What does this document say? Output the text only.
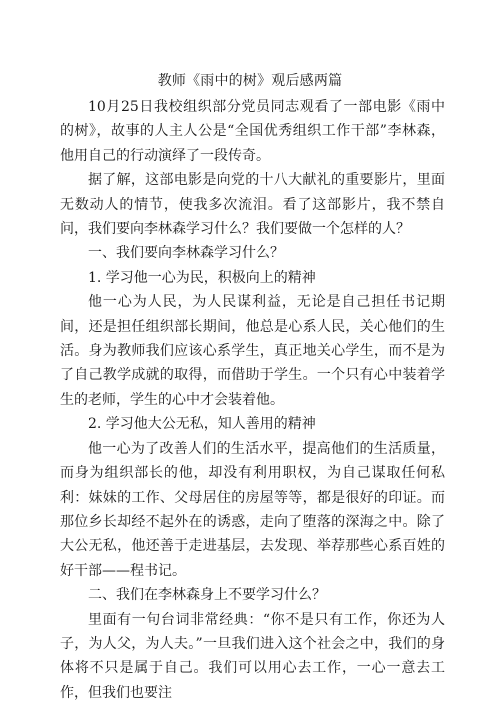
教师《雨中的树》观后感两篇

10月25日我校组织部分党员同志观看了一部电影《雨中的树》，故事的人主人公是“全国优秀组织工作干部”李林森，他用自己的行动演绎了一段传奇。

据了解，这部电影是向党的十八大献礼的重要影片，里面无数动人的情节，使我多次流泪。看了这部影片，我不禁自问，我们要向李林森学习什么？我们要做一个怎样的人？

一、我们要向李林森学习什么？

1. 学习他一心为民，积极向上的精神

他一心为人民，为人民谋利益，无论是自己担任书记期间，还是担任组织部长期间，他总是心系人民，关心他们的生活。身为教师我们应该心系学生，真正地关心学生，而不是为了自己教学成就的取得，而借助于学生。一个只有心中装着学生的老师，学生的心中才会装着他。

2. 学习他大公无私，知人善用的精神

他一心为了改善人们的生活水平，提高他们的生活质量，而身为组织部长的他，却没有利用职权，为自己谋取任何私利：妹妹的工作、父母居住的房屋等等，都是很好的印证。而那位乡长却经不起外在的诱惑，走向了堕落的深海之中。除了大公无私，他还善于走进基层，去发现、举荐那些心系百姓的好干部——程书记。

二、我们在李林森身上不要学习什么？

里面有一句台词非常经典：“你不是只有工作，你还为人子，为人父，为人夫。”一旦我们进入这个社会之中，我们的身体将不只是属于自己。我们可以用心去工作，一心一意去工作，但我们也要注
